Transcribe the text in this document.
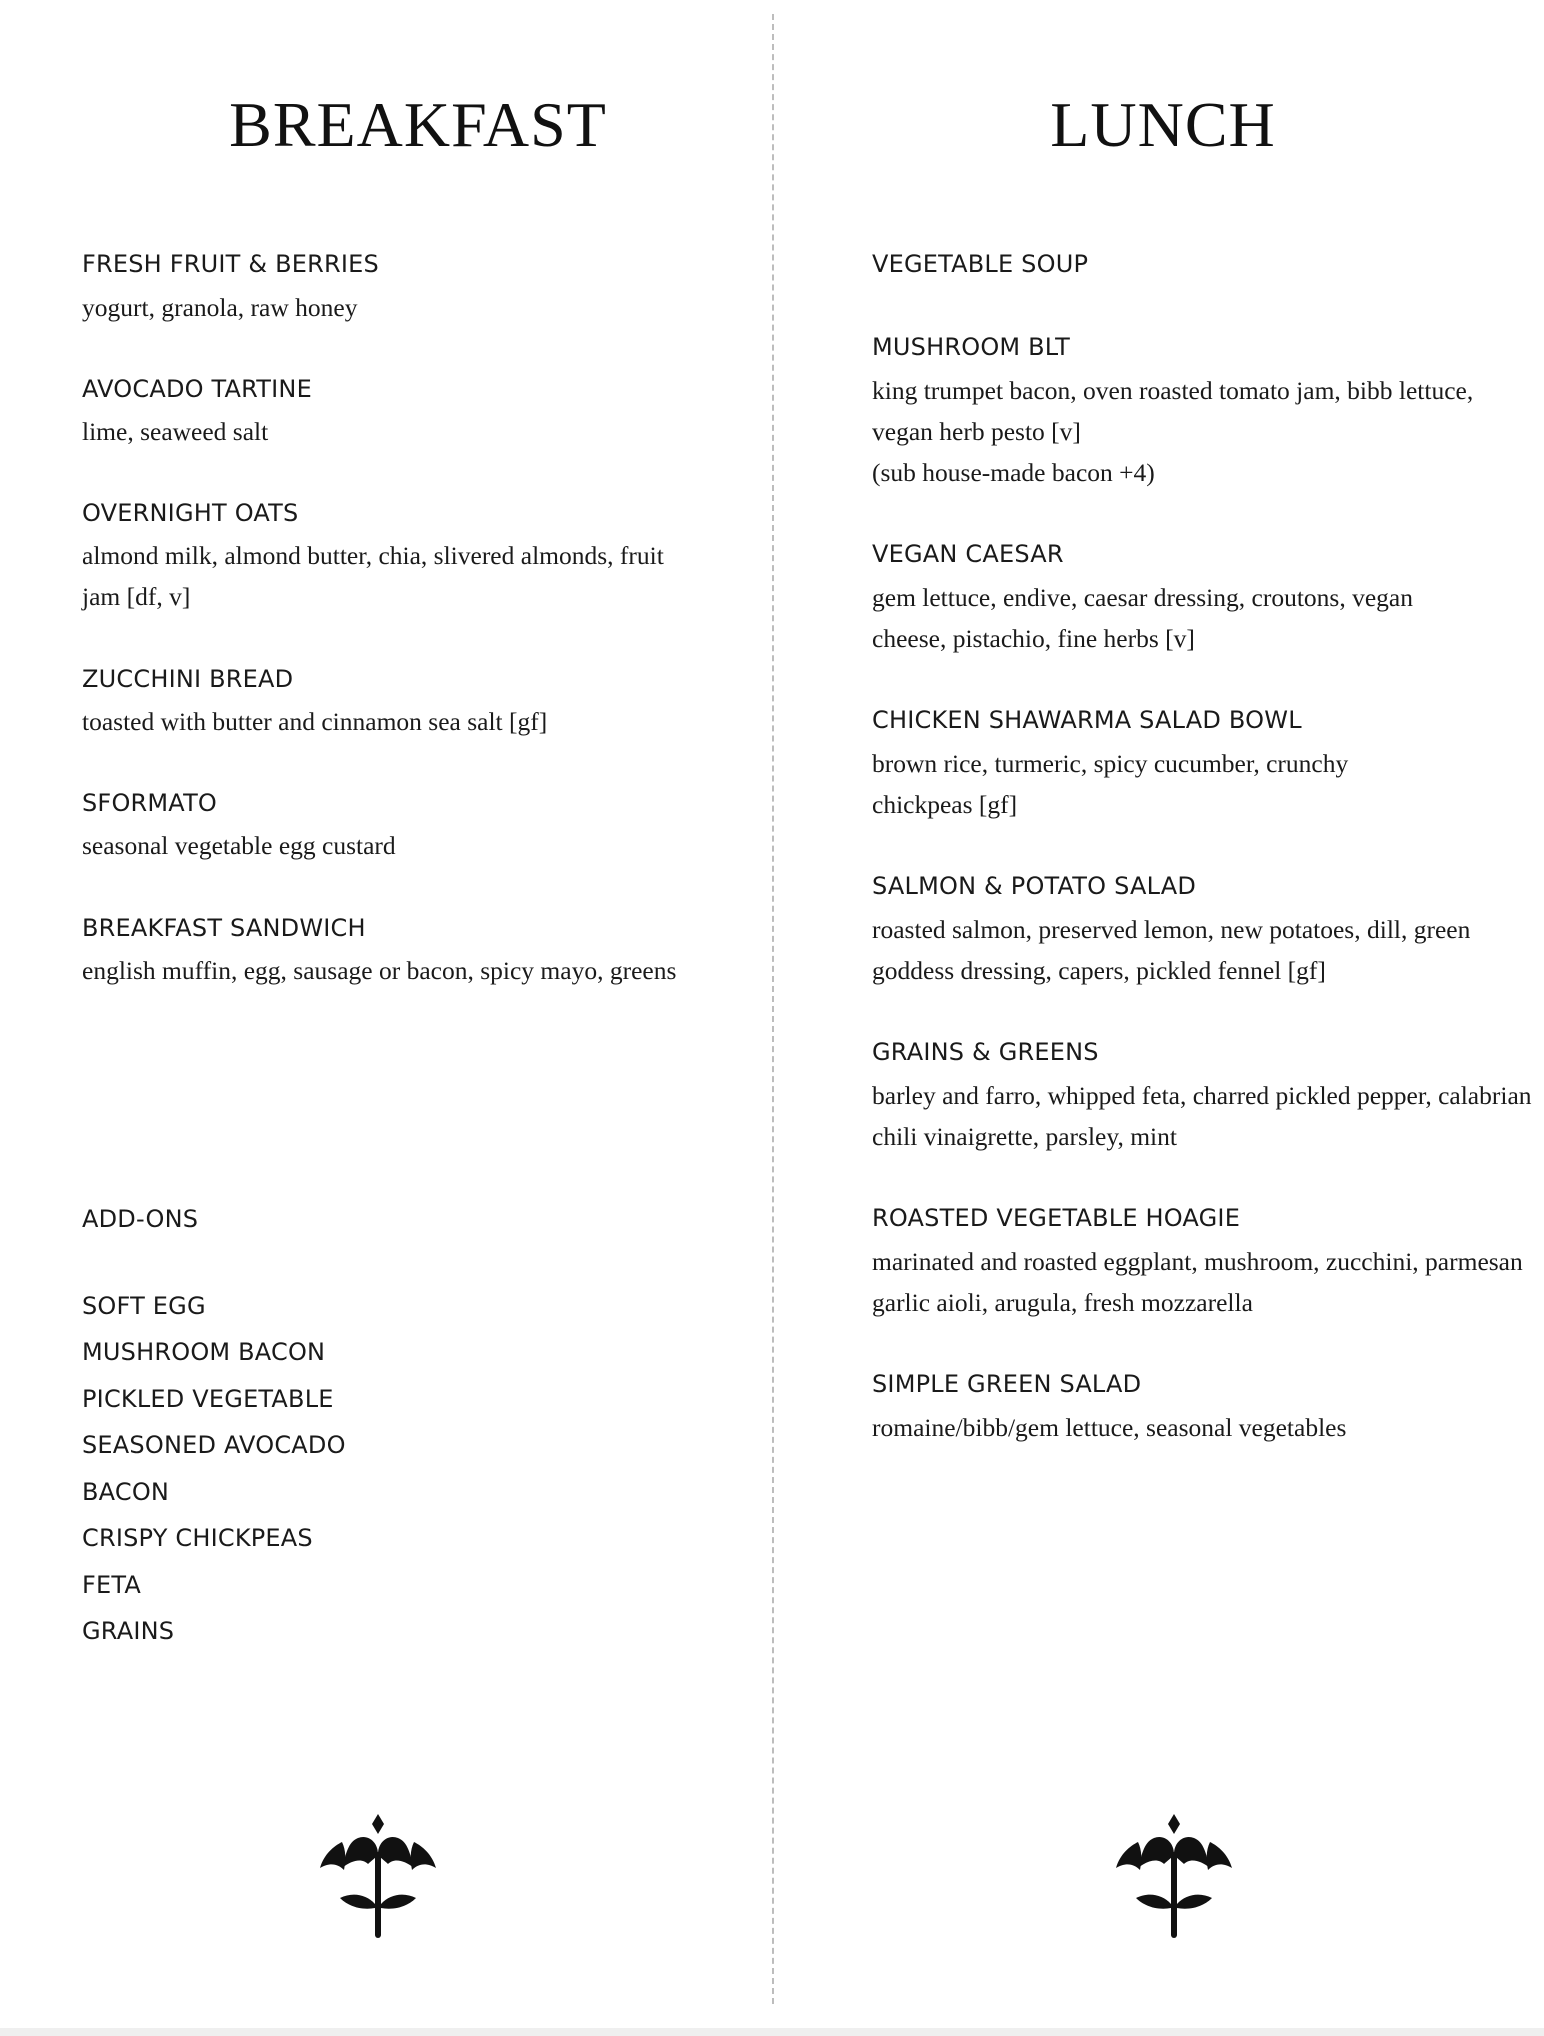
BREAKFAST

FRESH FRUIT & BERRIES

yogurt, granola, raw honey

AVOCADO TARTINE

lime, seaweed salt

OVERNIGHT OATS

almond milk, almond butter, chia, slivered almonds, fruit jam [df, v]

ZUCCHINI BREAD

toasted with butter and cinnamon sea salt [gf]

SFORMATO

seasonal vegetable egg custard

BREAKFAST SANDWICH

english muffin, egg, sausage or bacon, spicy mayo, greens

ADD-ONS

SOFT EGG

MUSHROOM BACON

PICKLED VEGETABLE

SEASONED AVOCADO

BACON

CRISPY CHICKPEAS

FETA

GRAINS

LUNCH

VEGETABLE SOUP

MUSHROOM BLT

king trumpet bacon, oven roasted tomato jam, bibb lettuce, vegan herb pesto [v]

(sub house-made bacon +4)

VEGAN CAESAR

gem lettuce, endive, caesar dressing, croutons, vegan cheese, pistachio, fine herbs [v]

CHICKEN SHAWARMA SALAD BOWL

brown rice, turmeric, spicy cucumber, crunchy chickpeas [gf]

SALMON & POTATO SALAD

roasted salmon, preserved lemon, new potatoes, dill, green goddess dressing, capers, pickled fennel [gf]

GRAINS & GREENS

barley and farro, whipped feta, charred pickled pepper, calabrian chili vinaigrette, parsley, mint

ROASTED VEGETABLE HOAGIE

marinated and roasted eggplant, mushroom, zucchini, parmesan garlic aioli, arugula, fresh mozzarella

SIMPLE GREEN SALAD

romaine/bibb/gem lettuce, seasonal vegetables
